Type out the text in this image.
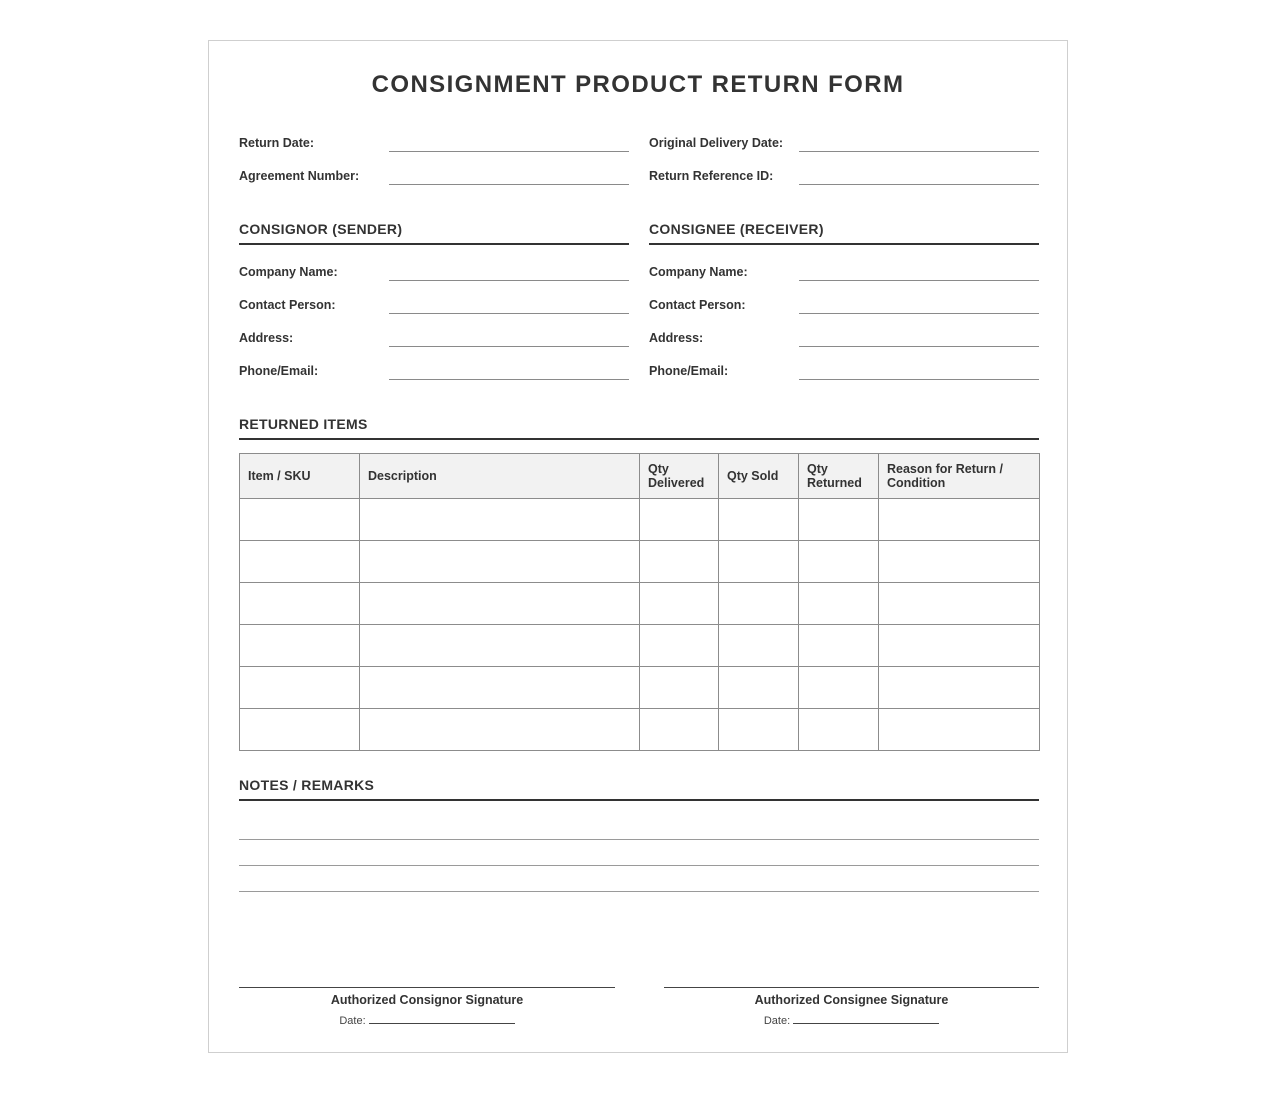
CONSIGNMENT PRODUCT RETURN FORM
Return Date:	Original Delivery Date:
Agreement Number:	Return Reference ID:
CONSIGNOR (SENDER)
Company Name:
Contact Person:
Address:
Phone/Email:
CONSIGNEE (RECEIVER)
Company Name:
Contact Person:
Address:
Phone/Email:
RETURNED ITEMS
Item / SKU	Description	Qty Delivered	Qty Sold	Qty Returned	Reason for Return / Condition

NOTES / REMARKS
Authorized Consignor Signature
Date:
Authorized Consignee Signature
Date:
